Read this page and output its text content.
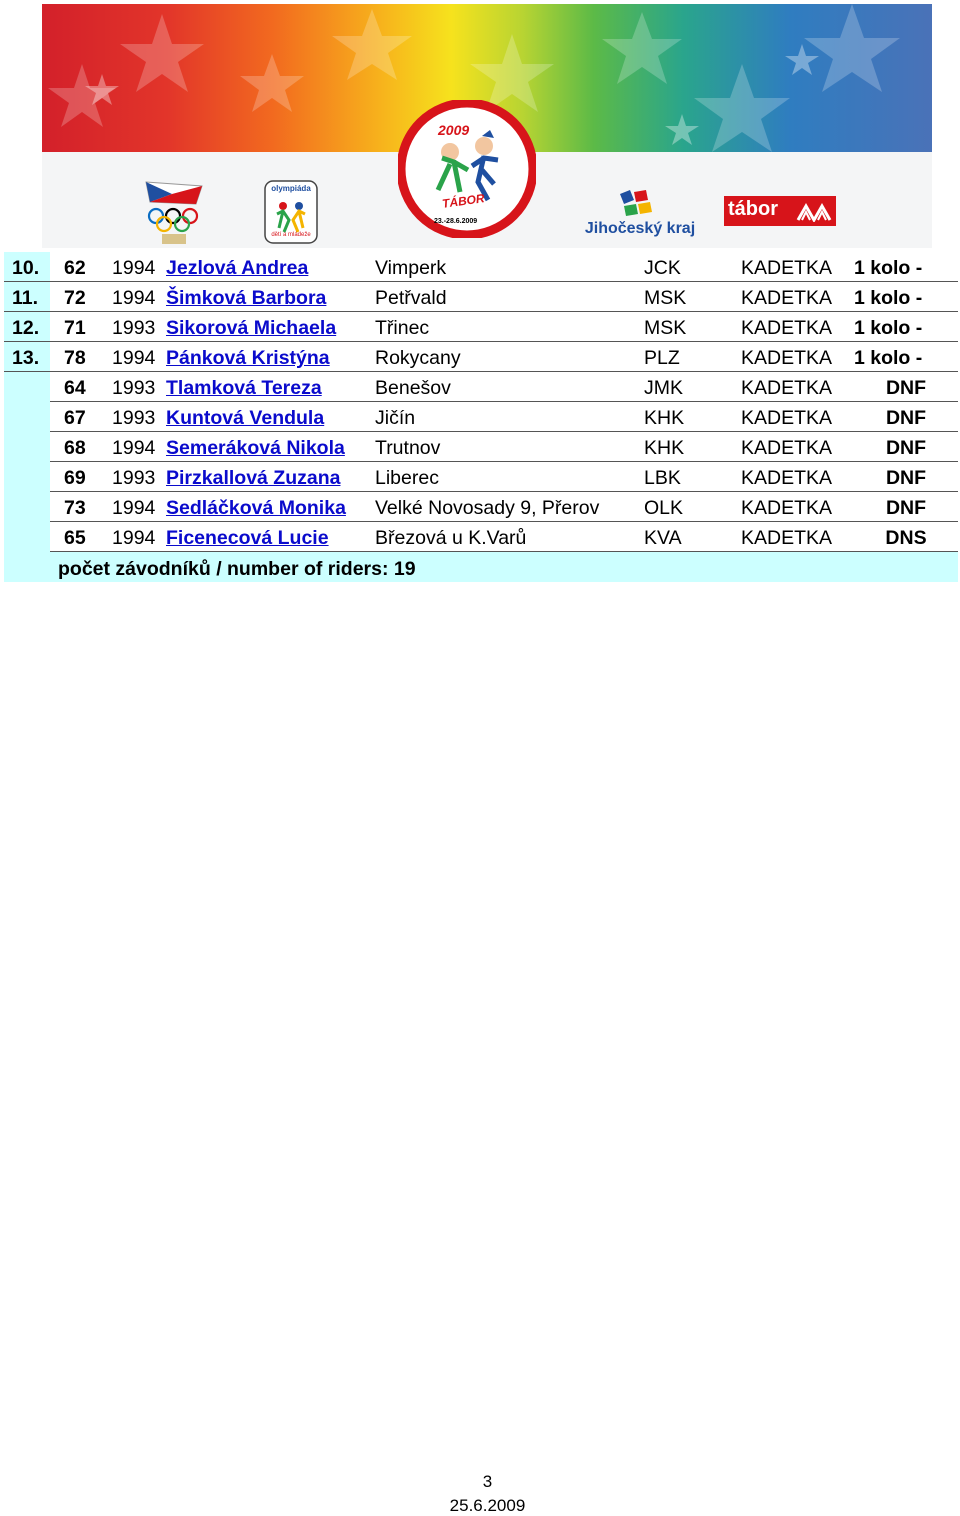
olympiáda
dětí a mládeže
2009
TÁBOR
23.-28.6.2009	Jihočeský kraj
tábor
10.	62	1994	Jezlová Andrea	Vimperk	JCK	KADETKA	1 kolo -
11.	72	1994	Šimková Barbora	Petřvald	MSK	KADETKA	1 kolo -
12.	71	1993	Sikorová Michaela	Třinec	MSK	KADETKA	1 kolo -
13.	78	1994	Pánková Kristýna	Rokycany	PLZ	KADETKA	1 kolo -
	64	1993	Tlamková Tereza	Benešov	JMK	KADETKA	DNF
	67	1993	Kuntová Vendula	Jičín	KHK	KADETKA	DNF
	68	1994	Semeráková Nikola	Trutnov	KHK	KADETKA	DNF
	69	1993	Pirzkallová Zuzana	Liberec	LBK	KADETKA	DNF
	73	1994	Sedláčková Monika	Velké Novosady 9, Přerov	OLK	KADETKA	DNF
	65	1994	Ficenecová Lucie	Březová u K.Varů	KVA	KADETKA	DNS
počet závodníků / number of riders: 19							
3
25.6.2009
